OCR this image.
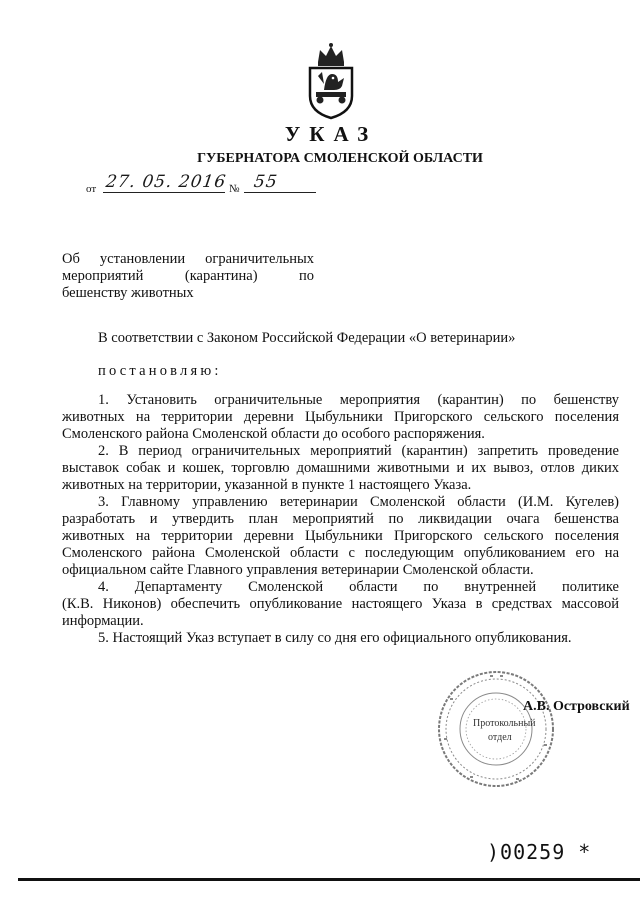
УКАЗ
ГУБЕРНАТОРА СМОЛЕНСКОЙ ОБЛАСТИ
от 27. 05. 2016 № 55
Об установлении ограничительных
мероприятий (карантина) по
бешенству животных
В соответствии с Законом Российской Федерации «О ветеринарии»
постановляю:
1. Установить ограничительные мероприятия (карантин) по бешенству
животных на территории деревни Цыбульники Пригорского сельского поселения
Смоленского района Смоленской области до особого распоряжения.
2. В период ограничительных мероприятий (карантин) запретить проведение
выставок собак и кошек, торговлю домашними животными и их вывоз, отлов диких
животных на территории, указанной в пункте 1 настоящего Указа.
3. Главному управлению ветеринарии Смоленской области (И.М. Кугелев)
разработать и утвердить план мероприятий по ликвидации очага бешенства
животных на территории деревни Цыбульники Пригорского сельского поселения
Смоленского района Смоленской области с последующим опубликованием его на
официальном сайте Главного управления ветеринарии Смоленской области.
4. Департаменту Смоленской области по внутренней политике
(К.В. Никонов) обеспечить опубликование настоящего Указа в средствах массовой
информации.
5. Настоящий Указ вступает в силу со дня его официального опубликования.
Протокольный
отдел
А.В. Островский
)00259 *
